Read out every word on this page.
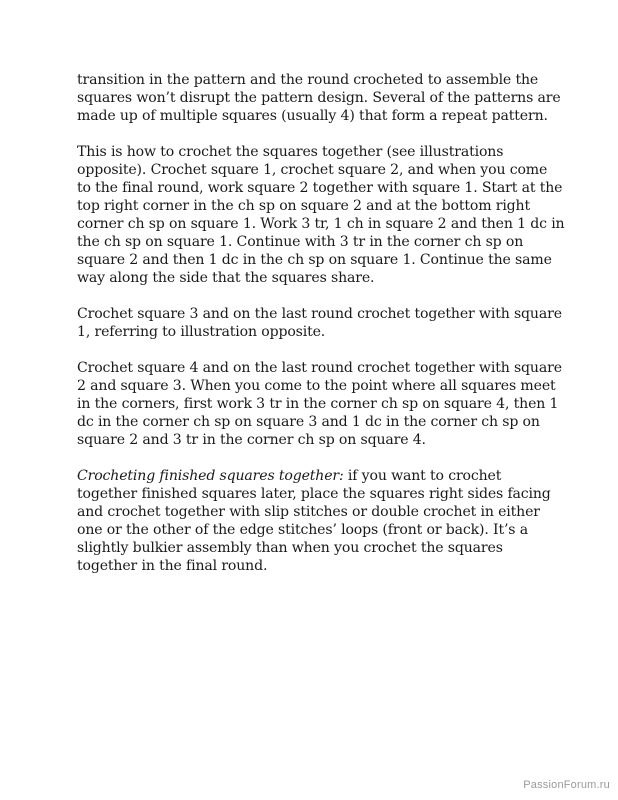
transition in the pattern and the round crocheted to assemble the
squares won’t disrupt the pattern design. Several of the patterns are
made up of multiple squares (usually 4) that form a repeat pattern.

This is how to crochet the squares together (see illustrations
opposite). Crochet square 1, crochet square 2, and when you come
to the final round, work square 2 together with square 1. Start at the
top right corner in the ch sp on square 2 and at the bottom right
corner ch sp on square 1. Work 3 tr, 1 ch in square 2 and then 1 dc in
the ch sp on square 1. Continue with 3 tr in the corner ch sp on
square 2 and then 1 dc in the ch sp on square 1. Continue the same
way along the side that the squares share.

Crochet square 3 and on the last round crochet together with square
1, referring to illustration opposite.

Crochet square 4 and on the last round crochet together with square
2 and square 3. When you come to the point where all squares meet
in the corners, first work 3 tr in the corner ch sp on square 4, then 1
dc in the corner ch sp on square 3 and 1 dc in the corner ch sp on
square 2 and 3 tr in the corner ch sp on square 4.

Crocheting finished squares together: if you want to crochet
together finished squares later, place the squares right sides facing
and crochet together with slip stitches or double crochet in either
one or the other of the edge stitches’ loops (front or back). It’s a
slightly bulkier assembly than when you crochet the squares
together in the final round.

PassionForum.ru
